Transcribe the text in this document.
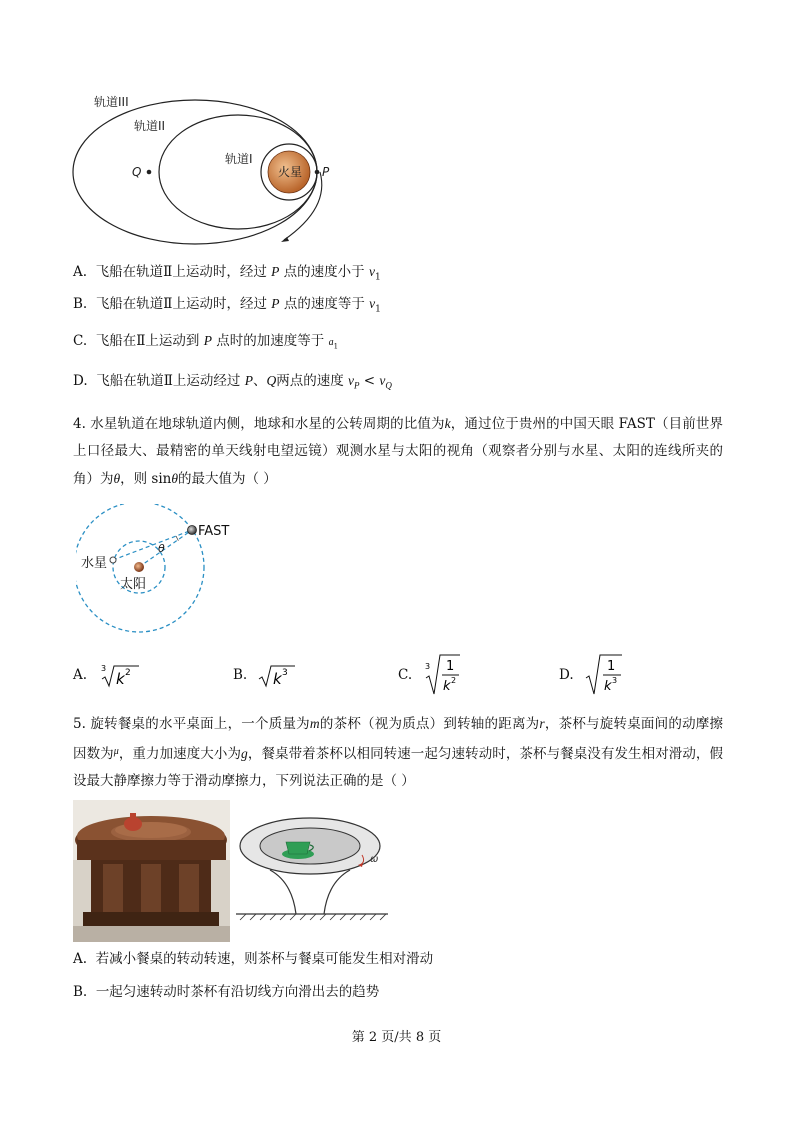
轨道III
轨道II
轨道I
火星
Q	P
A. 飞船在轨道Ⅱ上运动时，经过 P 点的速度小于 $v_1$
B. 飞船在轨道Ⅱ上运动时，经过 P 点的速度等于 $v_1$
C. 飞船在Ⅱ上运动到 P 点时的加速度等于 $a_1$
D. 飞船在轨道Ⅱ上运动经过 P、Q两点的速度 $v_P < v_Q$
4. 水星轨道在地球轨道内侧，地球和水星的公转周期的比值为k，通过位于贵州的中国天眼 FAST（目前世界上口径最大、最精密的单天线射电望远镜）观测水星与太阳的视角（观察者分别与水星、太阳的连线所夹的角）为θ，则 sinθ的最大值为（ ）
FAST
水星
太阳
θ
A. 3
k 2	B. k 3	C.
3 1
k 2	D.
1
k 3
5. 旋转餐桌的水平桌面上，一个质量为m的茶杯（视为质点）到转轴的距离为r，茶杯与旋转桌面间的动摩擦因数为$^\mu$，重力加速度大小为g，餐桌带着茶杯以相同转速一起匀速转动时，茶杯与餐桌没有发生相对滑动，假设最大静摩擦力等于滑动摩擦力，下列说法正确的是（ ）
ω
A. 若减小餐桌的转动转速，则茶杯与餐桌可能发生相对滑动
B. 一起匀速转动时茶杯有沿切线方向滑出去的趋势
第 2 页/共 8 页
